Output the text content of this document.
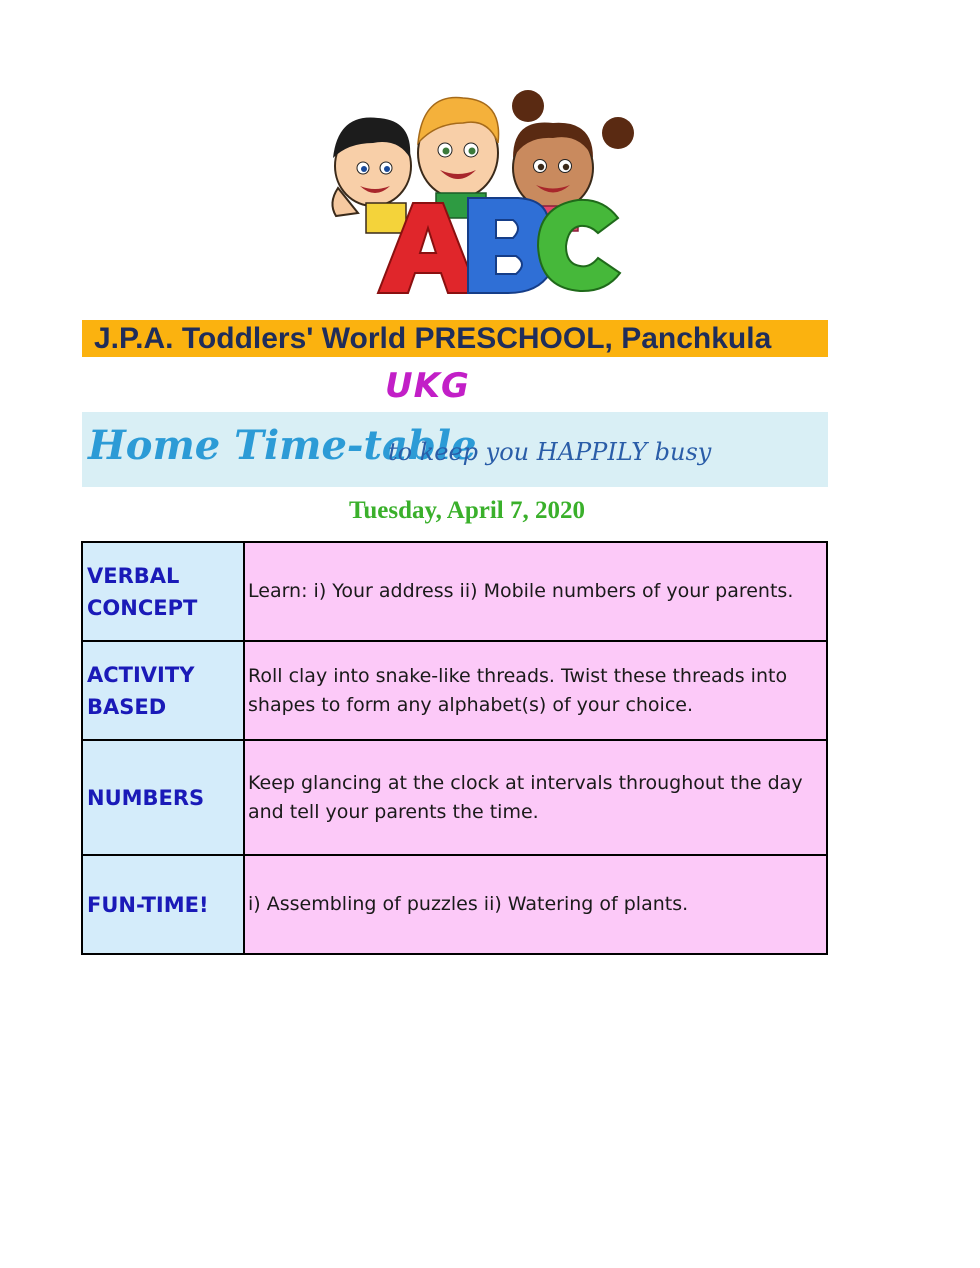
J.P.A. Toddlers' World PRESCHOOL, Panchkula
UKG
Home Time-table
to keep you HAPPILY busy
Tuesday, April 7, 2020
VERBAL
CONCEPT	Learn: i) Your address ii) Mobile numbers of your parents.

ACTIVITY
BASED	Roll clay into snake-like threads. Twist these threads into shapes to form any alphabet(s) of your choice.

NUMBERS	Keep glancing at the clock at intervals throughout the day and tell your parents the time.

FUN-TIME!	i) Assembling of puzzles ii) Watering of plants.
